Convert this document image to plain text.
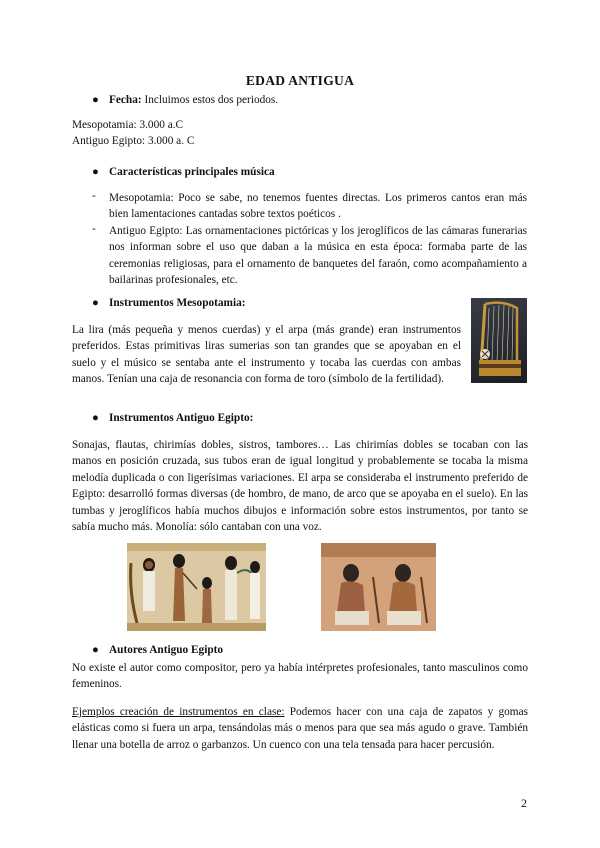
EDAD ANTIGUA
● Fecha: Incluimos estos dos periodos.
Mesopotamia: 3.000 a.C
Antiguo Egipto: 3.000 a. C
● Características principales música
- Mesopotamia: Poco se sabe, no tenemos fuentes directas. Los primeros cantos eran más bien lamentaciones cantadas sobre textos poéticos .
- Antiguo Egipto: Las ornamentaciones pictóricas y los jeroglíficos de las cámaras funerarias nos informan sobre el uso que daban a la música en esta época: formaba parte de las ceremonias religiosas, para el ornamento de banquetes del faraón, como acompañamiento a bailarinas profesionales, etc.
● Instrumentos Mesopotamia:
La lira (más pequeña y menos cuerdas) y el arpa (más grande) eran instrumentos preferidos. Estas primitivas liras sumerias son tan grandes que se apoyaban en el suelo y el músico se sentaba ante el instrumento y tocaba las cuerdas con ambas manos. Tenían una caja de resonancia con forma de toro (símbolo de la fertilidad).
● Instrumentos Antiguo Egipto:
Sonajas, flautas, chirimías dobles, sistros, tambores… Las chirimías dobles se tocaban con las manos en posición cruzada, sus tubos eran de igual longitud y probablemente se tocaba la misma melodía duplicada o con ligerísimas variaciones. El arpa se consideraba el instrumento preferido de Egipto: desarrolló formas diversas (de hombro, de mano, de arco que se apoyaba en el suelo). En las tumbas y jeroglíficos había muchos dibujos e información sobre estos instrumentos, por tanto se sabía mucho más. Monolía: sólo cantaban con una voz.
● Autores Antiguo Egipto
No existe el autor como compositor, pero ya había intérpretes profesionales, tanto masculinos como femeninos.
Ejemplos creación de instrumentos en clase: Podemos hacer con una caja de zapatos y gomas elásticas como si fuera un arpa, tensándolas más o menos para que sea más agudo o grave. También llenar una botella de arroz o garbanzos. Un cuenco con una tela tensada para hacer percusión.
2
